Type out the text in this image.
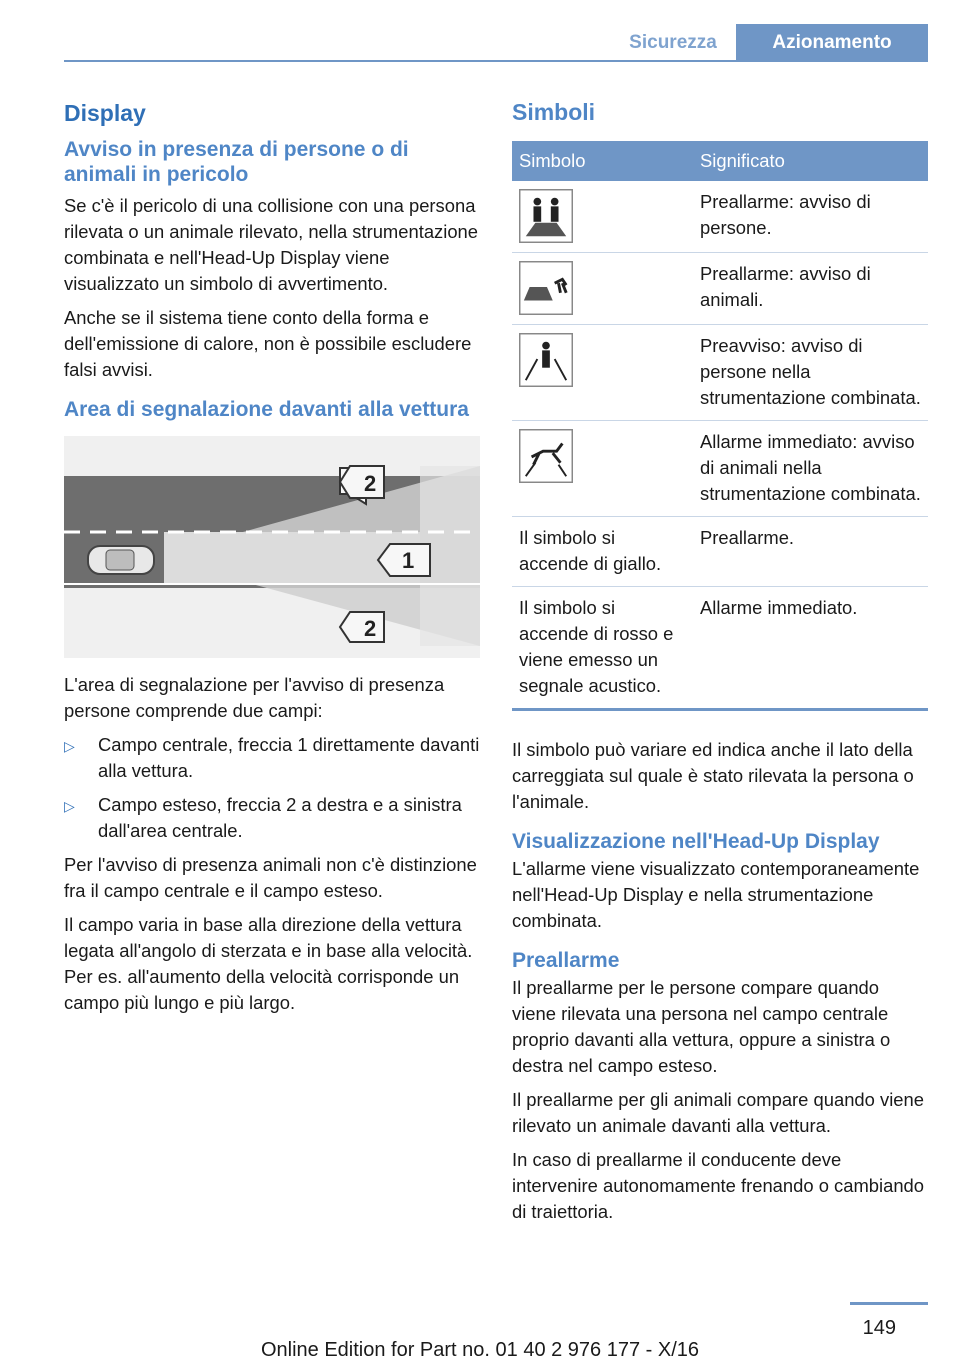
Sicurezza	Azionamento
Display
Avviso in presenza di persone o di animali in pericolo

Se c'è il pericolo di una collisione con una persona rilevata o un animale rilevato, nella strumentazione combinata e nell'Head-Up Display viene visualizzato un simbolo di avvertimento.

Anche se il sistema tiene conto della forma e dell'emissione di calore, non è possibile escludere falsi avvisi.

Area di segnalazione davanti alla vettura
2
1
2

L'area di segnalazione per l'avviso di presenza persone comprende due campi:

▷	Campo centrale, freccia 1 direttamente davanti alla vettura.
▷	Campo esteso, freccia 2 a destra e a sinistra dall'area centrale.

Per l'avviso di presenza animali non c'è distinzione fra il campo centrale e il campo esteso.

Il campo varia in base alla direzione della vettura legata all'angolo di sterzata e in base alla velocità. Per es. all'aumento della velocità corrisponde un campo più lungo e più largo.

Simboli
Simbolo	Significato

	Preallarme: avviso di persone.

	Preallarme: avviso di animali.

	Preavviso: avviso di persone nella strumentazione combinata.

	Allarme immediato: avviso di animali nella strumentazione combinata.
Il simbolo si accende di giallo.	Preallarme.
Il simbolo si accende di rosso e viene emesso un segnale acustico.	Allarme immediato.

Il simbolo può variare ed indica anche il lato della carreggiata sul quale è stato rilevata la persona o l'animale.

Visualizzazione nell'Head-Up Display

L'allarme viene visualizzato contemporaneamente nell'Head-Up Display e nella strumentazione combinata.

Preallarme

Il preallarme per le persone compare quando viene rilevata una persona nel campo centrale proprio davanti alla vettura, oppure a sinistra o destra nel campo esteso.

Il preallarme per gli animali compare quando viene rilevato un animale davanti alla vettura.

In caso di preallarme il conducente deve intervenire autonomamente frenando o cambiando di traiettoria.

149
Online Edition for Part no. 01 40 2 976 177 - X/16
